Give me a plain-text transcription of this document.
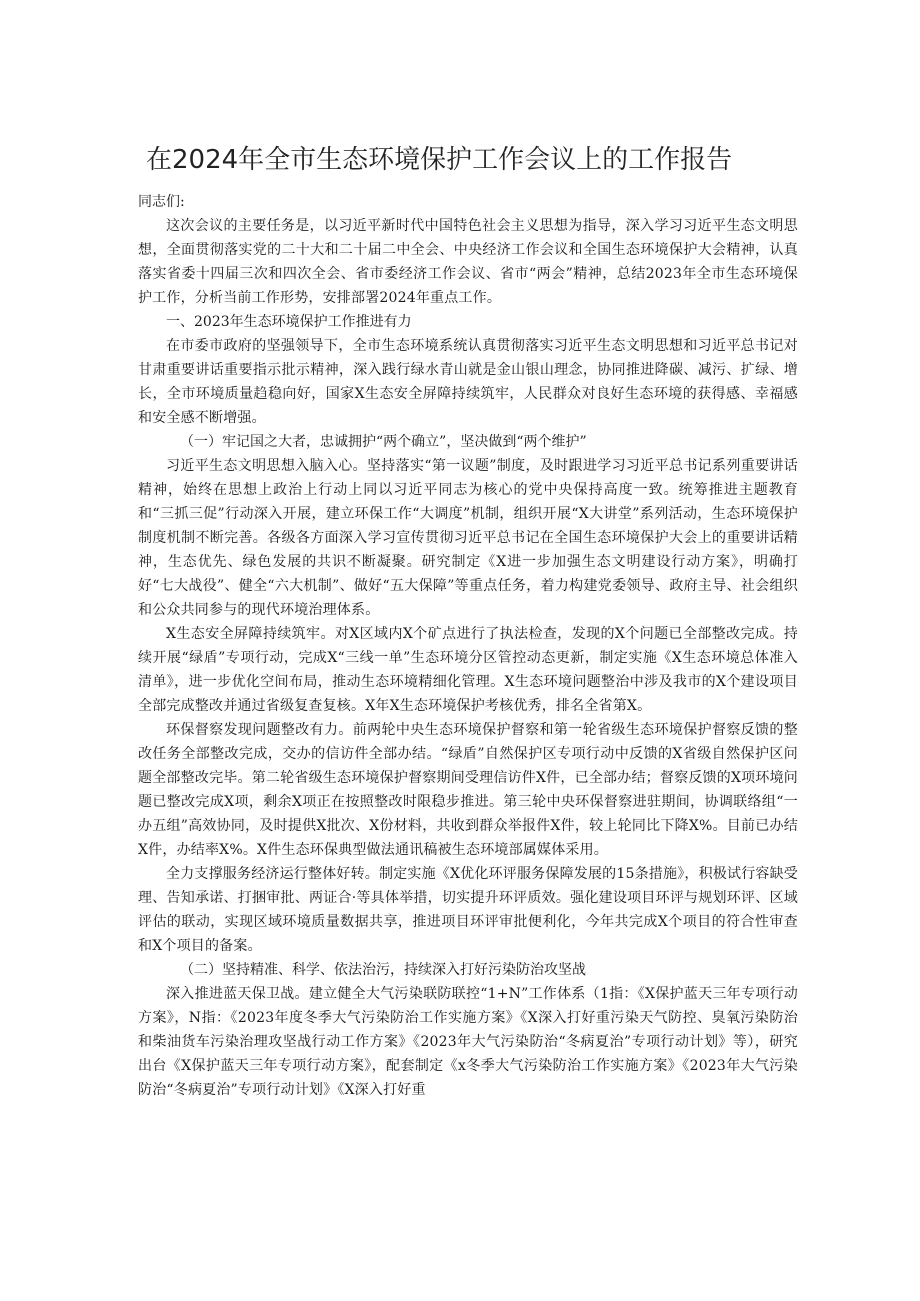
在2024年全市生态环境保护工作会议上的工作报告

同志们:

这次会议的主要任务是，以习近平新时代中国特色社会主义思想为指导，深入学习习近平生态文明思想，全面贯彻落实党的二十大和二十届二中全会、中央经济工作会议和全国生态环境保护大会精神，认真落实省委十四届三次和四次全会、省市委经济工作会议、省市“两会”精神，总结2023年全市生态环境保护工作，分析当前工作形势，安排部署2024年重点工作。

一、2023年生态环境保护工作推进有力

在市委市政府的坚强领导下，全市生态环境系统认真贯彻落实习近平生态文明思想和习近平总书记对甘肃重要讲话重要指示批示精神，深入践行绿水青山就是金山银山理念，协同推进降碳、减污、扩绿、增长，全市环境质量趋稳向好，国家X生态安全屏障持续筑牢，人民群众对良好生态环境的获得感、幸福感和安全感不断增强。

（一）牢记国之大者，忠诚拥护“两个确立”，坚决做到“两个维护”

习近平生态文明思想入脑入心。坚持落实“第一议题”制度，及时跟进学习习近平总书记系列重要讲话精神，始终在思想上政治上行动上同以习近平同志为核心的党中央保持高度一致。统筹推进主题教育和“三抓三促”行动深入开展，建立环保工作“大调度”机制，组织开展“X大讲堂”系列活动，生态环境保护制度机制不断完善。各级各方面深入学习宣传贯彻习近平总书记在全国生态环境保护大会上的重要讲话精神，生态优先、绿色发展的共识不断凝聚。研究制定《X进一步加强生态文明建设行动方案》，明确打好“七大战役”、健全“六大机制”、做好“五大保障”等重点任务，着力构建党委领导、政府主导、社会组织和公众共同参与的现代环境治理体系。

X生态安全屏障持续筑牢。对X区域内X个矿点进行了执法检查，发现的X个问题已全部整改完成。持续开展“绿盾”专项行动，完成X“三线一单”生态环境分区管控动态更新，制定实施《X生态环境总体准入清单》，进一步优化空间布局，推动生态环境精细化管理。X生态环境问题整治中涉及我市的X个建设项目全部完成整改并通过省级复查复核。X年X生态环境保护考核优秀，排名全省第X。

环保督察发现问题整改有力。前两轮中央生态环境保护督察和第一轮省级生态环境保护督察反馈的整改任务全部整改完成，交办的信访件全部办结。“绿盾”自然保护区专项行动中反馈的X省级自然保护区问题全部整改完毕。第二轮省级生态环境保护督察期间受理信访件X件，已全部办结；督察反馈的X项环境问题已整改完成X项，剩余X项正在按照整改时限稳步推进。第三轮中央环保督察进驻期间，协调联络组“一办五组”高效协同，及时提供X批次、X份材料，共收到群众举报件X件，较上轮同比下降X%。目前已办结X件，办结率X%。X件生态环保典型做法通讯稿被生态环境部属媒体采用。

全力支撑服务经济运行整体好转。制定实施《X优化环评服务保障发展的15条措施》，积极试行容缺受理、告知承诺、打捆审批、两证合·等具体举措，切实提升环评质效。强化建设项目环评与规划环评、区域评估的联动，实现区域环境质量数据共享，推进项目环评审批便利化，今年共完成X个项目的符合性审查和X个项目的备案。

（二）坚持精准、科学、依法治污，持续深入打好污染防治攻坚战

深入推进蓝天保卫战。建立健全大气污染联防联控“1+N”工作体系（1指：《X保护蓝天三年专项行动方案》，N指：《2023年度冬季大气污染防治工作实施方案》《X深入打好重污染天气防控、臭氧污染防治和柴油货车污染治理攻坚战行动工作方案》《2023年大气污染防治“冬病夏治”专项行动计划》等），研究出台《X保护蓝天三年专项行动方案》，配套制定《x冬季大气污染防治工作实施方案》《2023年大气污染防治“冬病夏治”专项行动计划》《X深入打好重
